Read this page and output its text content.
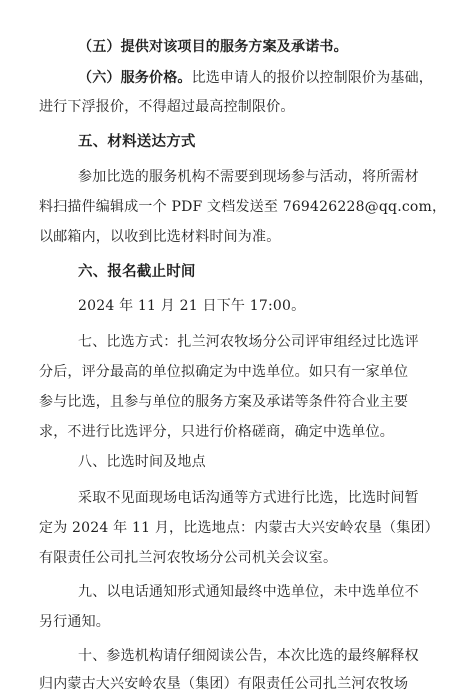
（五）提供对该项目的服务方案及承诺书。
（六）服务价格。比选申请人的报价以控制限价为基础，
进行下浮报价，不得超过最高控制限价。
五、材料送达方式
参加比选的服务机构不需要到现场参与活动，将所需材
料扫描件编辑成一个 PDF 文档发送至 769426228@qq.com，
以邮箱内，以收到比选材料时间为准。
六、报名截止时间
2024 年 11 月 21 日下午 17:00。
七、比选方式：扎兰河农牧场分公司评审组经过比选评
分后，评分最高的单位拟确定为中选单位。如只有一家单位
参与比选，且参与单位的服务方案及承诺等条件符合业主要
求，不进行比选评分，只进行价格磋商，确定中选单位。
八、比选时间及地点
采取不见面现场电话沟通等方式进行比选，比选时间暂
定为 2024 年 11 月，比选地点：内蒙古大兴安岭农垦（集团）
有限责任公司扎兰河农牧场分公司机关会议室。
九、以电话通知形式通知最终中选单位，未中选单位不
另行通知。
十、参选机构请仔细阅读公告，本次比选的最终解释权
归内蒙古大兴安岭农垦（集团）有限责任公司扎兰河农牧场
